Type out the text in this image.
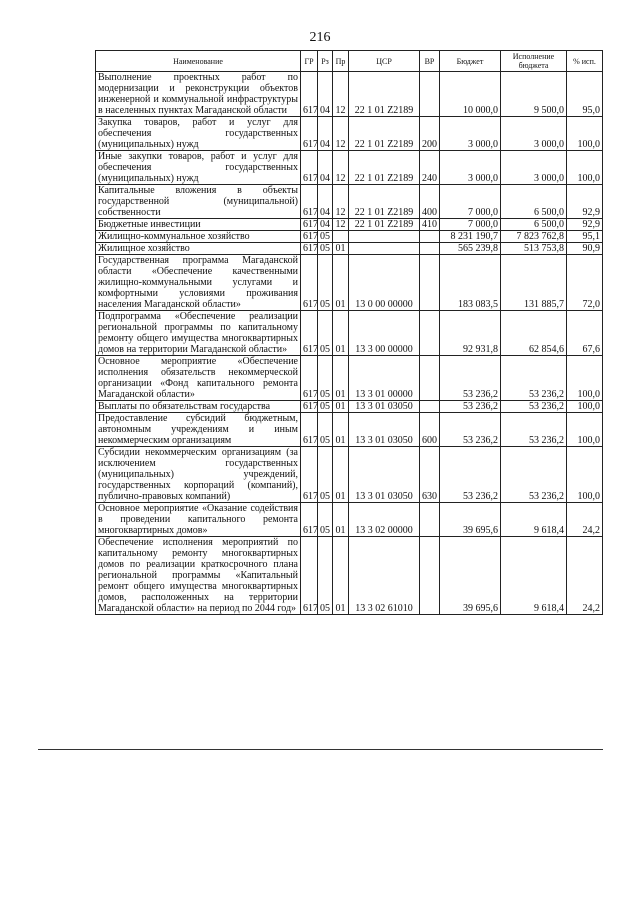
216
Наименование	ГР	Рз	Пр	ЦСР	ВР	Бюджет	Исполнение бюджета	% исп.
Выполнение проектных работ по модернизации и реконструкции объектов инженерной и коммунальной инфраструктуры в населенных пунктах Магаданской области	617	04	12	22 1 01 Z2189		10 000,0	9 500,0	95,0
Закупка товаров, работ и услуг для обеспечения государственных (муниципальных) нужд	617	04	12	22 1 01 Z2189	200	3 000,0	3 000,0	100,0
Иные закупки товаров, работ и услуг для обеспечения государственных (муниципальных) нужд	617	04	12	22 1 01 Z2189	240	3 000,0	3 000,0	100,0
Капитальные вложения в объекты государственной (муниципальной) собственности	617	04	12	22 1 01 Z2189	400	7 000,0	6 500,0	92,9
Бюджетные инвестиции	617	04	12	22 1 01 Z2189	410	7 000,0	6 500,0	92,9
Жилищно-коммунальное хозяйство	617	05				8 231 190,7	7 823 762,8	95,1
Жилищное хозяйство	617	05	01			565 239,8	513 753,8	90,9
Государственная программа Магаданской области «Обеспечение качественными жилищно-коммунальными услугами и комфортными условиями проживания населения Магаданской области»	617	05	01	13 0 00 00000		183 083,5	131 885,7	72,0
Подпрограмма «Обеспечение реализации региональной программы по капитальному ремонту общего имущества многоквартирных домов на территории Магаданской области»	617	05	01	13 3 00 00000		92 931,8	62 854,6	67,6
Основное мероприятие «Обеспечение исполнения обязательств некоммерческой организации «Фонд капитального ремонта Магаданской области»	617	05	01	13 3 01 00000		53 236,2	53 236,2	100,0
Выплаты по обязательствам государства	617	05	01	13 3 01 03050		53 236,2	53 236,2	100,0
Предоставление субсидий бюджетным, автономным учреждениям и иным некоммерческим организациям	617	05	01	13 3 01 03050	600	53 236,2	53 236,2	100,0
Субсидии некоммерческим организациям (за исключением государственных (муниципальных) учреждений, государственных корпораций (компаний), публично-правовых компаний)	617	05	01	13 3 01 03050	630	53 236,2	53 236,2	100,0
Основное мероприятие «Оказание содействия в проведении капитального ремонта многоквартирных домов»	617	05	01	13 3 02 00000		39 695,6	9 618,4	24,2
Обеспечение исполнения мероприятий по капитальному ремонту многоквартирных домов по реализации краткосрочного плана региональной программы «Капитальный ремонт общего имущества многоквартирных домов, расположенных на территории Магаданской области» на период по 2044 год»	617	05	01	13 3 02 61010		39 695,6	9 618,4	24,2
